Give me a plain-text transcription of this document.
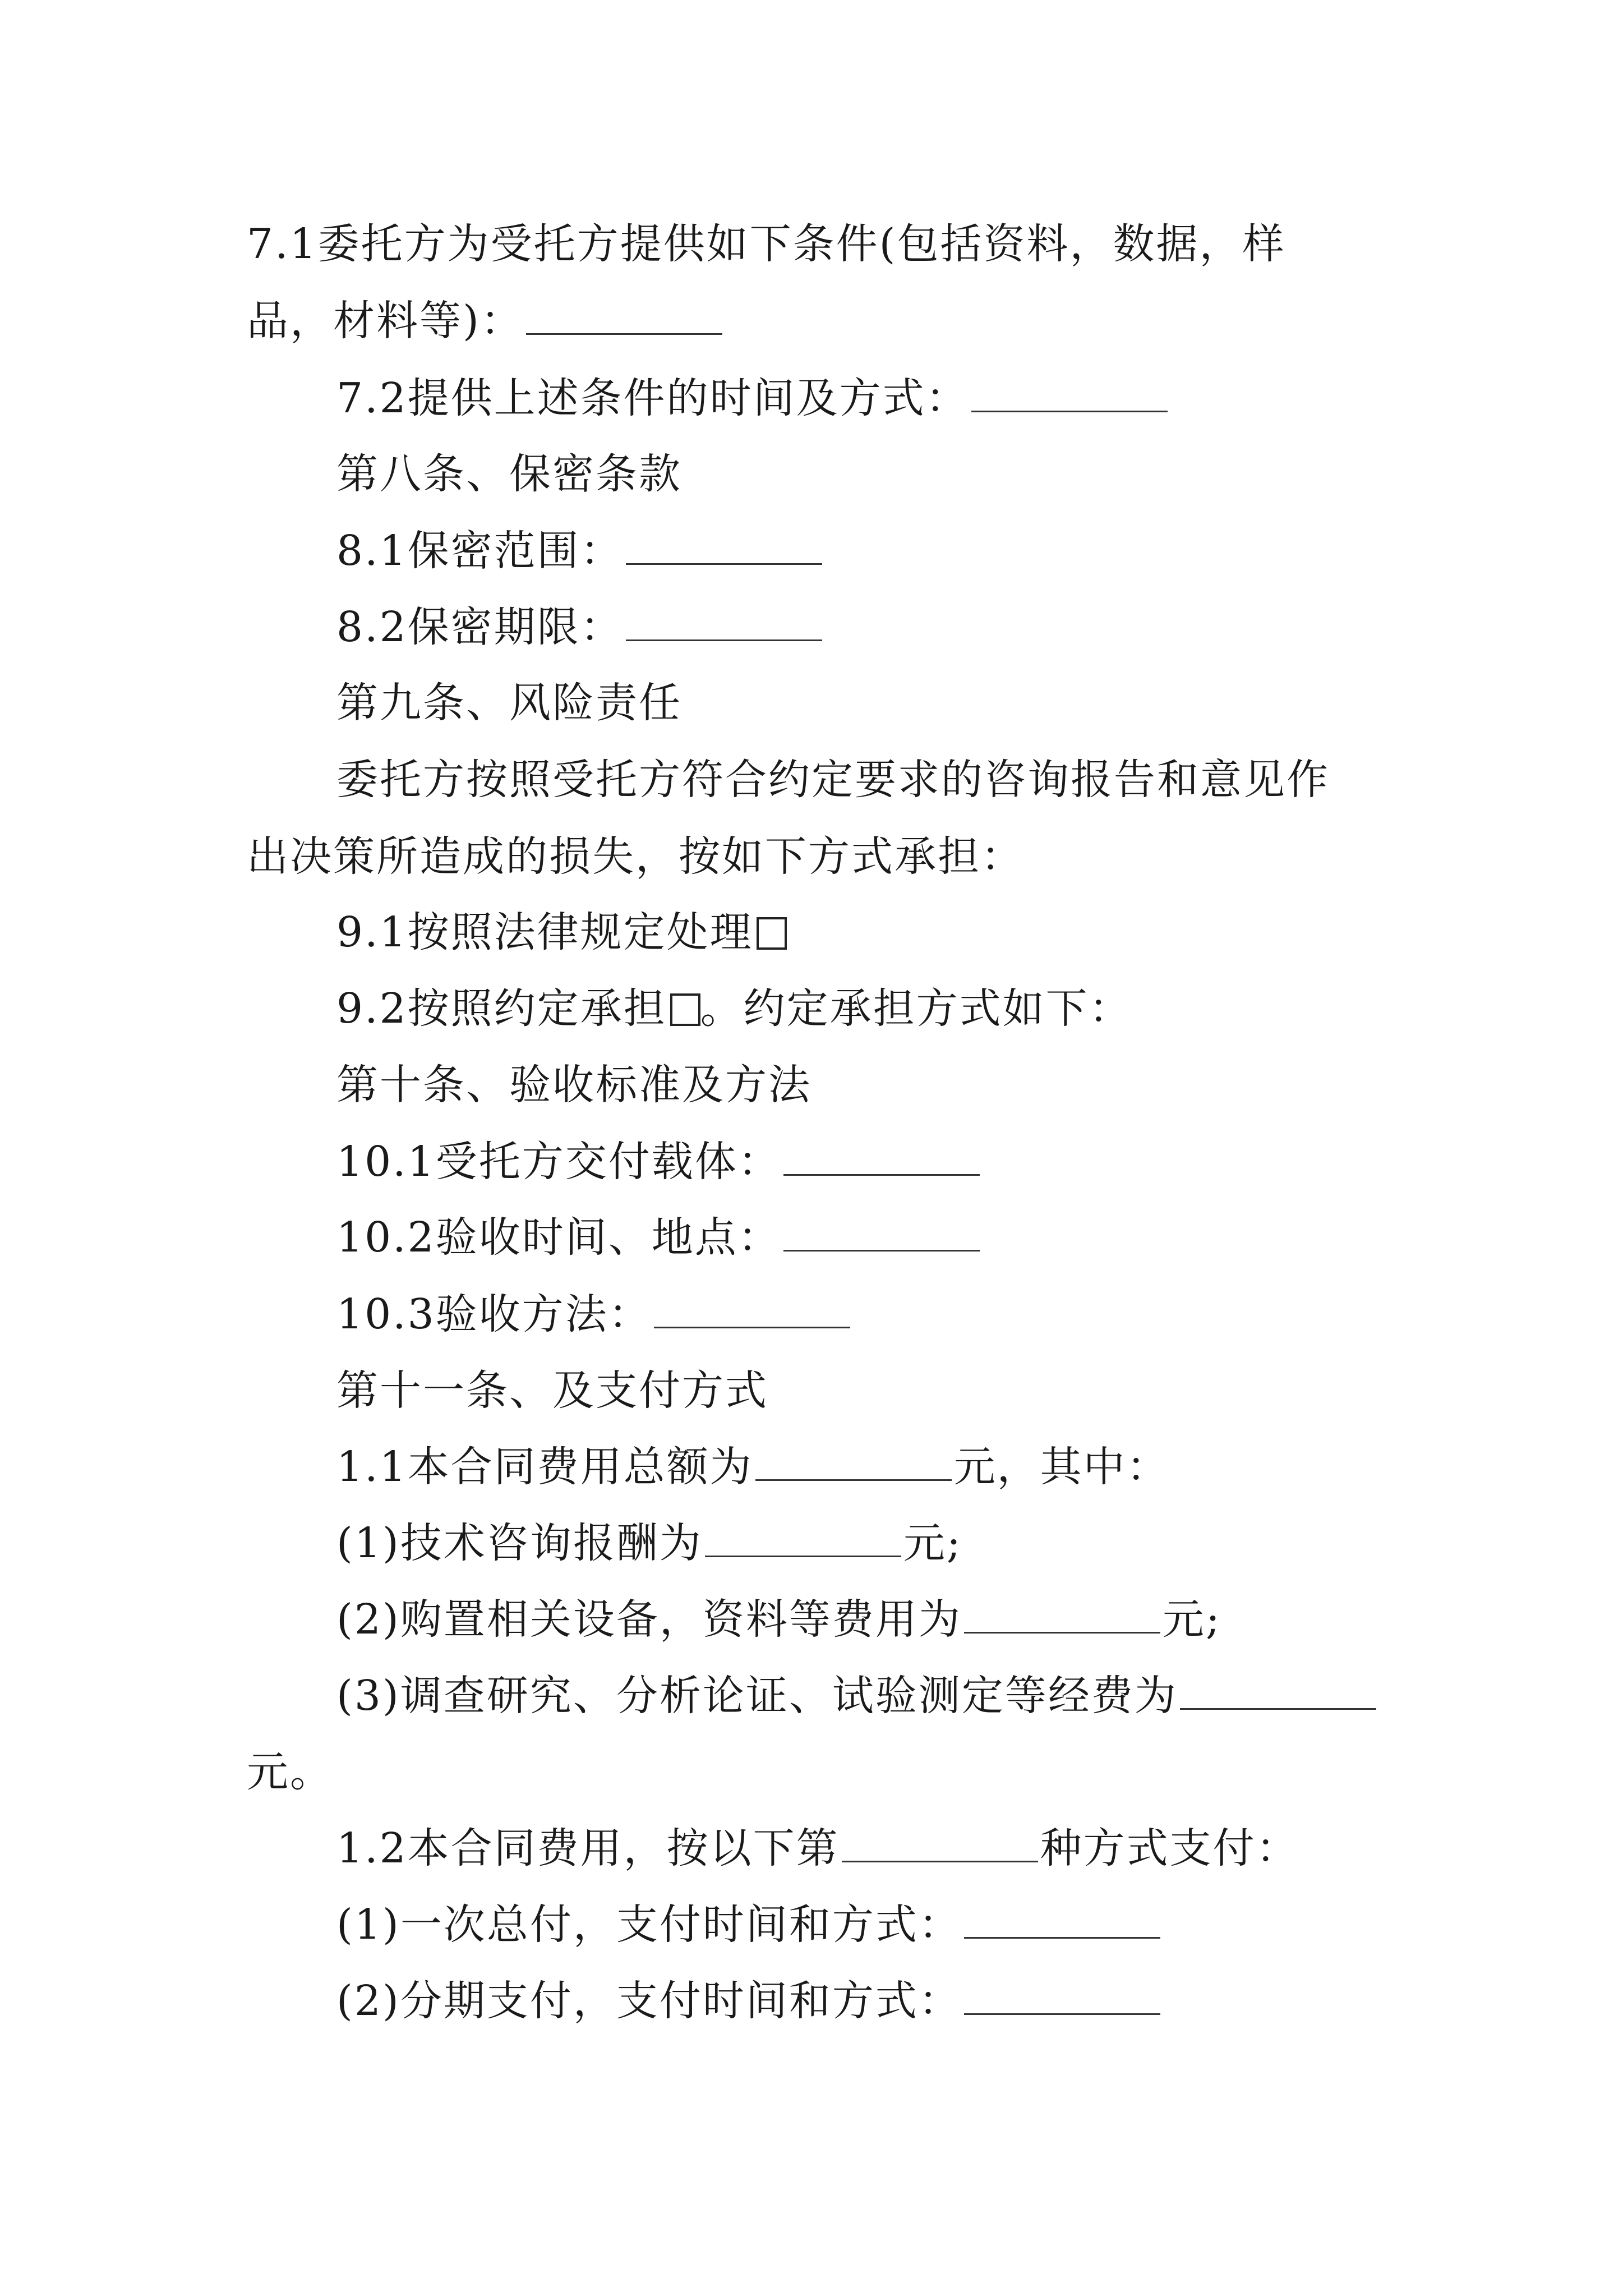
7.1委托方为受托方提供如下条件(包括资料，数据，样
品，材料等)：
7.2提供上述条件的时间及方式：
第八条、保密条款
8.1保密范围：
8.2保密期限：
第九条、风险责任
委托方按照受托方符合约定要求的咨询报告和意见作
出决策所造成的损失，按如下方式承担：
9.1按照法律规定处理
9.2按照约定承担 。约定承担方式如下：
第十条、验收标准及方法
10.1受托方交付载体：
10.2验收时间、地点：
10.3验收方法：
第十一条、及支付方式
1.1本合同费用总额为	元，其中：
(1)技术咨询报酬为	元;
(2)购置相关设备，资料等费用为	元;
(3)调查研究、分析论证、试验测定等经费为
元。
1.2本合同费用，按以下第	种方式支付：
(1)一次总付，支付时间和方式：
(2)分期支付，支付时间和方式：
